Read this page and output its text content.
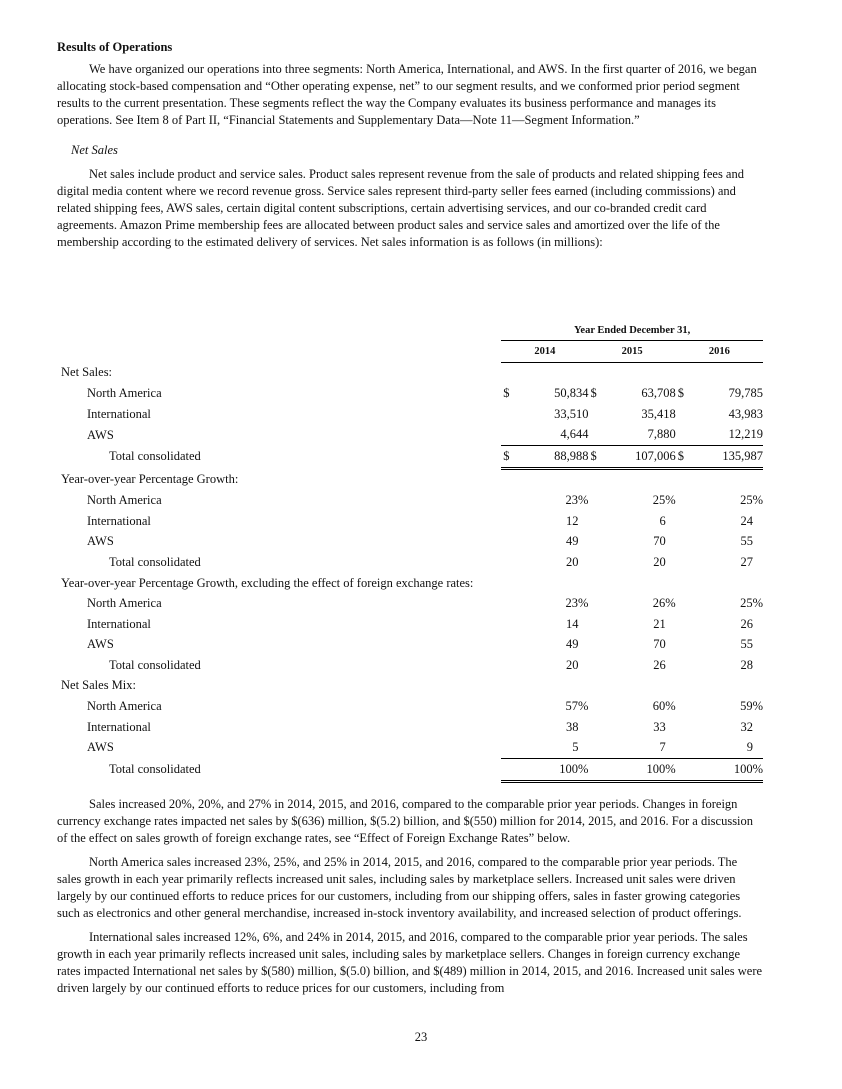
Results of Operations

We have organized our operations into three segments: North America, International, and AWS. In the first quarter of 2016, we began allocating stock-based compensation and “Other operating expense, net” to our segment results, and we conformed prior period segment results to the current presentation. These segments reflect the way the Company evaluates its business performance and manages its operations. See Item 8 of Part II, “Financial Statements and Supplementary Data—Note 11—Segment Information.”

Net Sales

Net sales include product and service sales. Product sales represent revenue from the sale of products and related shipping fees and digital media content where we record revenue gross. Service sales represent third-party seller fees earned (including commissions) and related shipping fees, AWS sales, certain digital content subscriptions, certain advertising services, and our co-branded credit card agreements. Amazon Prime membership fees are allocated between product sales and service sales and amortized over the life of the membership according to the estimated delivery of services. Net sales information is as follows (in millions):

	Year Ended December 31,					
	2014		2015		2016	
Net Sales:						
North America	$	50,834	$	63,708	$	79,785
International		33,510		35,418		43,983
AWS		4,644		7,880		12,219
Total consolidated	$	88,988	$	107,006	$	135,987
Year-over-year Percentage Growth:						
North America		23%		25%		25%
International		12		6		24
AWS		49		70		55
Total consolidated		20		20		27
Year-over-year Percentage Growth, excluding the effect of foreign exchange rates:						
North America		23%		26%		25%
International		14		21		26
AWS		49		70		55
Total consolidated		20		26		28
Net Sales Mix:						
North America		57%		60%		59%
International		38		33		32
AWS		5		7		9
Total consolidated		100%		100%		100%

Sales increased 20%, 20%, and 27% in 2014, 2015, and 2016, compared to the comparable prior year periods. Changes in foreign currency exchange rates impacted net sales by $(636) million, $(5.2) billion, and $(550) million for 2014, 2015, and 2016. For a discussion of the effect on sales growth of foreign exchange rates, see “Effect of Foreign Exchange Rates” below.

North America sales increased 23%, 25%, and 25% in 2014, 2015, and 2016, compared to the comparable prior year periods. The sales growth in each year primarily reflects increased unit sales, including sales by marketplace sellers. Increased unit sales were driven largely by our continued efforts to reduce prices for our customers, including from our shipping offers, sales in faster growing categories such as electronics and other general merchandise, increased in-stock inventory availability, and increased selection of product offerings.

International sales increased 12%, 6%, and 24% in 2014, 2015, and 2016, compared to the comparable prior year periods. The sales growth in each year primarily reflects increased unit sales, including sales by marketplace sellers. Changes in foreign currency exchange rates impacted International net sales by $(580) million, $(5.0) billion, and $(489) million in 2014, 2015, and 2016. Increased unit sales were driven largely by our continued efforts to reduce prices for our customers, including from

23
